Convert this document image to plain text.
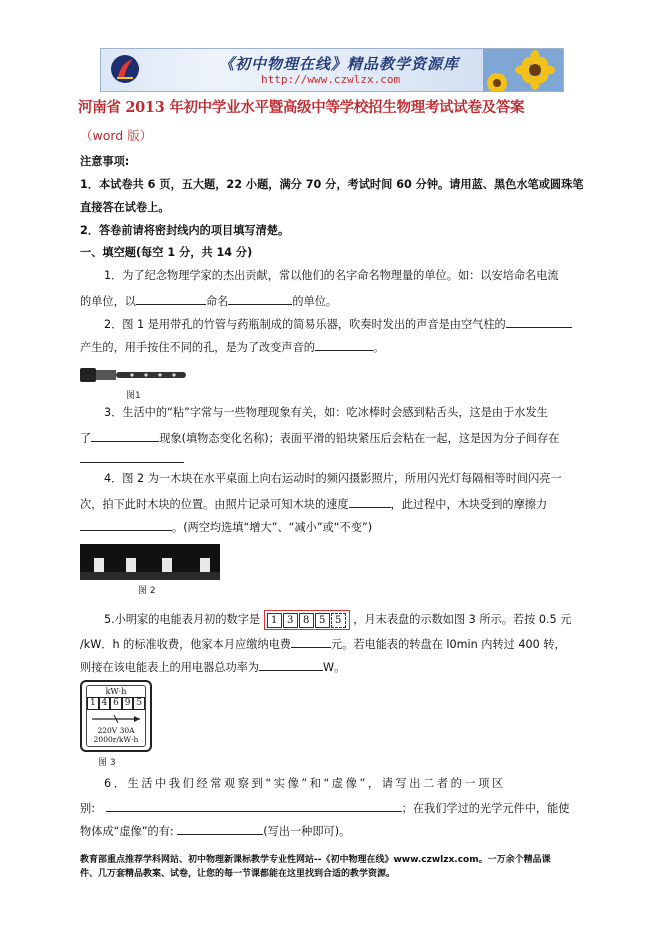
《初中物理在线》精品教学资源库
http://www.czwlzx.com
河南省 2013 年初中学业水平暨高级中等学校招生物理考试试卷及答案
（word 版）
注意事项:
1．本试卷共 6 页，五大题，22 小题，满分 70 分，考试时间 60 分钟。请用蓝、黑色水笔或圆珠笔
直接答在试卷上。
2．答卷前请将密封线内的项目填写清楚。
一、填空题(每空 1 分，共 14 分)
1．为了纪念物理学家的杰出贡献，常以他们的名字命名物理量的单位。如：以安培命名电流
的单位，以	命名	的单位。
2．图 1 是用带孔的竹管与药瓶制成的简易乐器，吹奏时发出的声音是由空气柱的
产生的，用手按住不同的孔，是为了改变声音的	。
图1
3．生活中的“粘”字常与一些物理现象有关，如：吃冰棒时会感到粘舌头，这是由于水发生
了	现象(填物态变化名称)；表面平滑的铅块紧压后会粘在一起，这是因为分子间存在
4．图 2 为一木块在水平桌面上向右运动时的频闪摄影照片，所用闪光灯每隔相等时间闪亮一
次，拍下此时木块的位置。由照片记录可知木块的速度	，此过程中，木块受到的摩擦力
。(两空均选填“增大”、“减小”或“不变”)
图 2
5.小明家的电能表月初的数字是 1 3 8 5 5 ，月末表盘的示数如图 3 所示。若按 0.5 元
/kW．h 的标准收费，他家本月应缴纳电费	元。若电能表的转盘在 l0min 内转过 400 转，
则接在该电能表上的用电器总功率为	W。
kW·h
1 4 6 9 5
220V 30A
2000r/kW·h
图 3
6．生活中我们经常观察到“实像”和“虚像”，请写出二者的一项区
别:	；在我们学过的光学元件中，能使
物体成“虚像”的有:	(写出一种即可)。
教育部重点推荐学科网站、初中物理新课标教学专业性网站--《初中物理在线》www.czwlzx.com。一万余个精品课
件、几万套精品教案、试卷，让您的每一节课都能在这里找到合适的教学资源。
